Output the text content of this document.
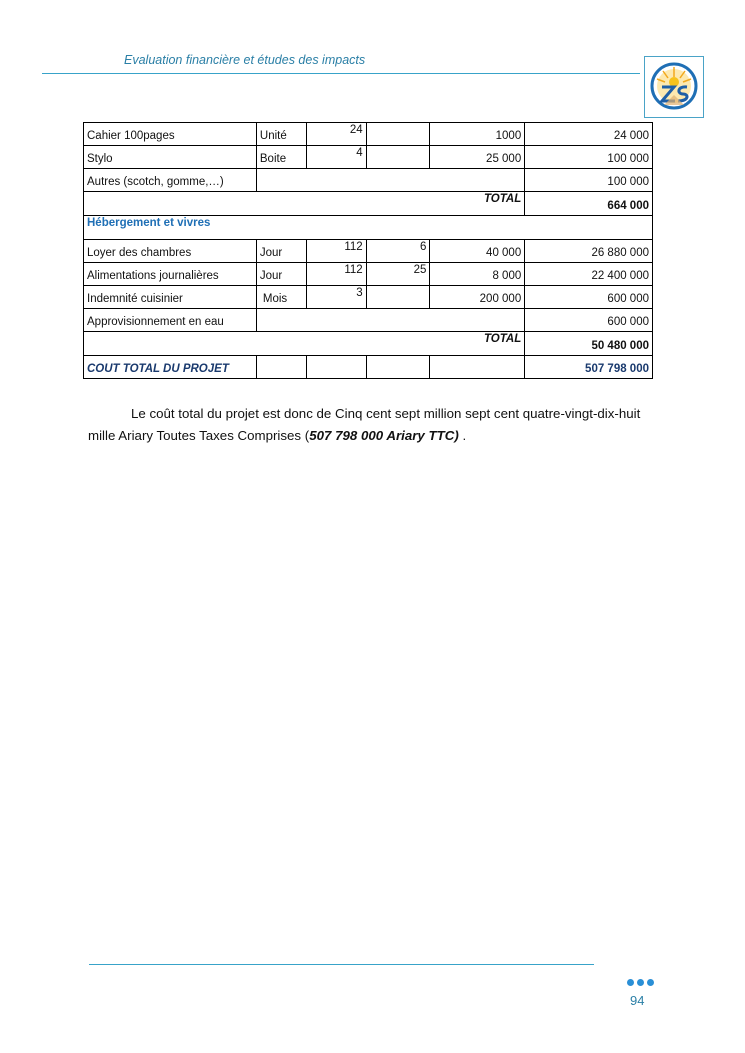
Evaluation financière et études des impacts
Cahier 100pages	Unité	24		1000	24 000
Stylo	Boite	4		25 000	100 000
Autres (scotch, gomme,…)					100 000
TOTAL					664 000
Hébergement et vivres					
Loyer des chambres	Jour	112	6	40 000	26 880 000
Alimentations journalières	Jour	112	25	8 000	22 400 000
Indemnité cuisinier	Mois	3		200 000	600 000
Approvisionnement en eau					600 000
TOTAL					50 480 000
COUT TOTAL DU PROJET					507 798 000
Le coût total du projet est donc de Cinq cent sept million sept cent quatre-vingt-dix-huit mille Ariary Toutes Taxes Comprises (507 798 000 Ariary TTC) .
94
